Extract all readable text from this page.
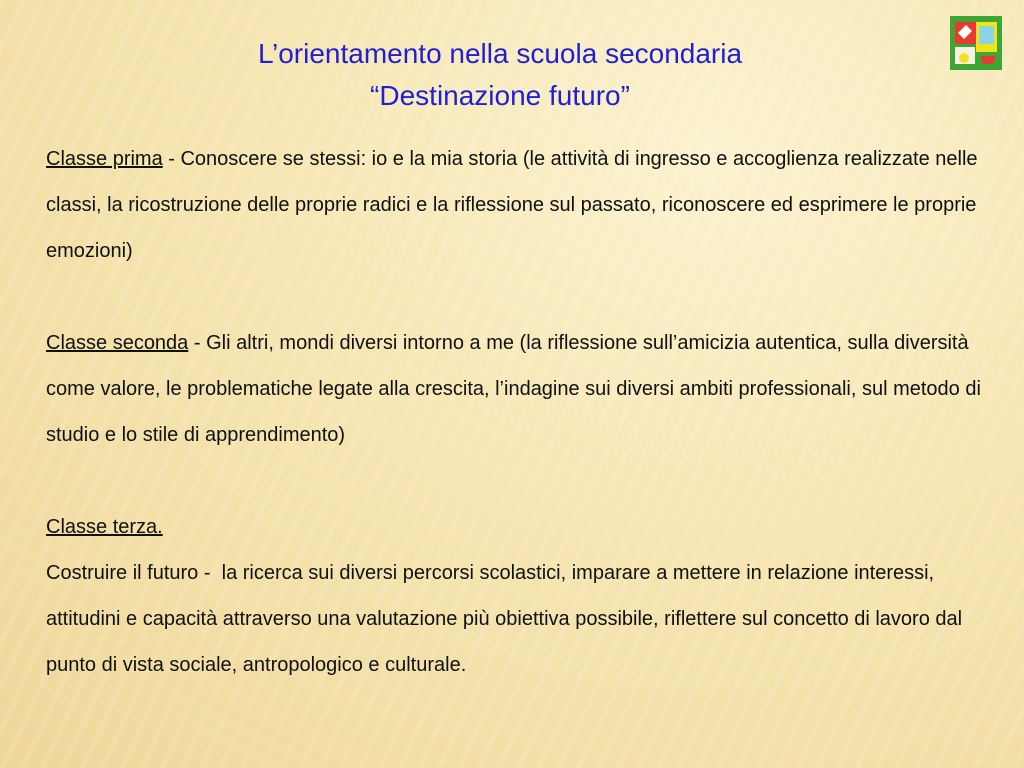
L’orientamento nella scuola secondaria
“Destinazione futuro”

Classe prima - Conoscere se stessi: io e la mia storia (le attività di ingresso e accoglienza realizzate nelle classi, la ricostruzione delle proprie radici e la riflessione sul passato, riconoscere ed esprimere le proprie emozioni)

Classe seconda - Gli altri, mondi diversi intorno a me (la riflessione sull’amicizia autentica, sulla diversità come valore, le problematiche legate alla crescita, l’indagine sui diversi ambiti professionali, sul metodo di studio e lo stile di apprendimento)

Classe terza.
Costruire il futuro -  la ricerca sui diversi percorsi scolastici, imparare a mettere in relazione interessi, attitudini e capacità attraverso una valutazione più obiettiva possibile, riflettere sul concetto di lavoro dal punto di vista sociale, antropologico e culturale.
